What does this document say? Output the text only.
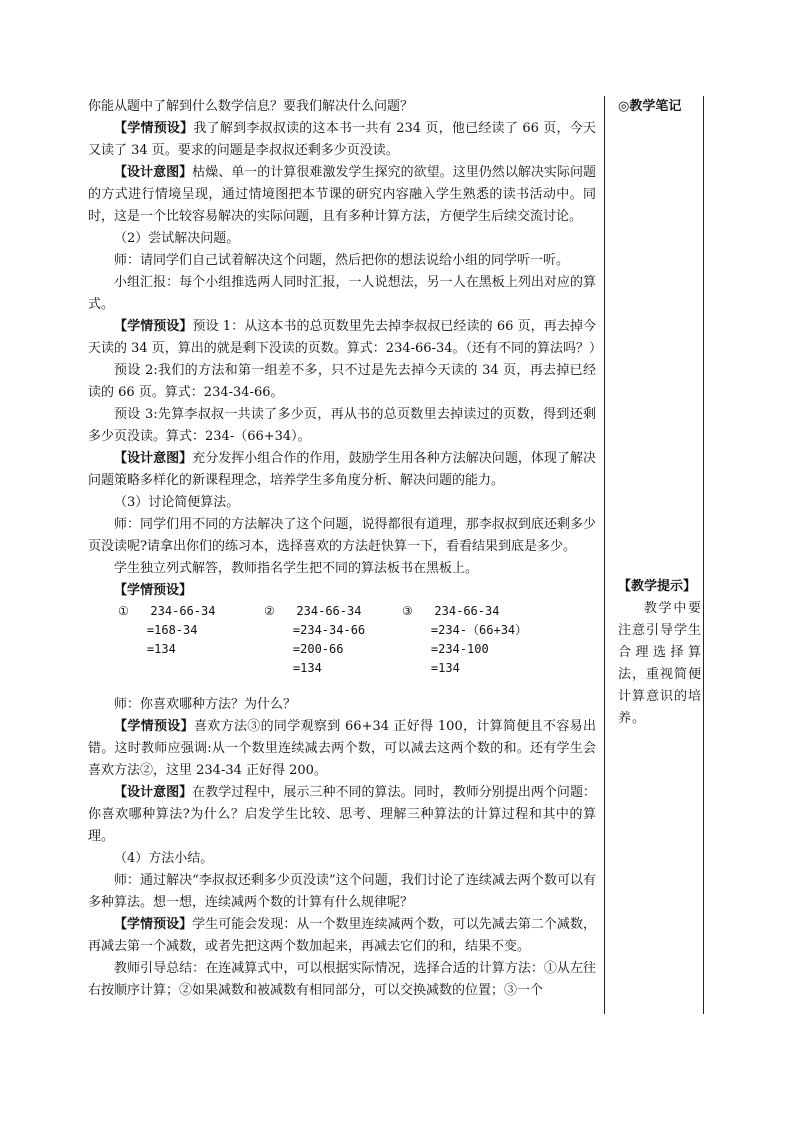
◎教学笔记
【教学提示】
教学中要注意引导学生合理选择算法，重视简便计算意识的培养。

你能从题中了解到什么数学信息？要我们解决什么问题？

【学情预设】我了解到李叔叔读的这本书一共有 234 页，他已经读了 66 页，今天又读了 34 页。要求的问题是李叔叔还剩多少页没读。

【设计意图】枯燥、单一的计算很难激发学生探究的欲望。这里仍然以解决实际问题的方式进行情境呈现，通过情境图把本节课的研究内容融入学生熟悉的读书活动中。同时，这是一个比较容易解决的实际问题，且有多种计算方法，方便学生后续交流讨论。

（2）尝试解决问题。

师：请同学们自己试着解决这个问题，然后把你的想法说给小组的同学听一听。

小组汇报：每个小组推选两人同时汇报，一人说想法，另一人在黑板上列出对应的算式。

【学情预设】预设 1：从这本书的总页数里先去掉李叔叔已经读的 66 页，再去掉今天读的 34 页，算出的就是剩下没读的页数。算式：234-66-34。（还有不同的算法吗？）

预设 2:我们的方法和第一组差不多，只不过是先去掉今天读的 34 页，再去掉已经读的 66 页。算式：234-34-66。

预设 3:先算李叔叔一共读了多少页，再从书的总页数里去掉读过的页数，得到还剩多少页没读。算式：234-（66+34）。

【设计意图】充分发挥小组合作的作用，鼓励学生用各种方法解决问题，体现了解决问题策略多样化的新课程理念，培养学生多角度分析、解决问题的能力。

（3）讨论简便算法。

师：同学们用不同的方法解决了这个问题，说得都很有道理，那李叔叔到底还剩多少页没读呢?请拿出你们的练习本，选择喜欢的方法赶快算一下，看看结果到底是多少。

学生独立列式解答，教师指名学生把不同的算法板书在黑板上。

【学情预设】

①   234-66-34
=168-34
=134
②   234-66-34
=234-34-66
=200-66
=134
③   234-66-34
=234-（66+34）
=234-100
=134

师：你喜欢哪种方法？为什么？

【学情预设】喜欢方法③的同学观察到 66+34 正好得 100，计算简便且不容易出错。这时教师应强调:从一个数里连续减去两个数，可以减去这两个数的和。还有学生会喜欢方法②，这里 234-34 正好得 200。

【设计意图】在教学过程中，展示三种不同的算法。同时，教师分别提出两个问题：你喜欢哪种算法?为什么？启发学生比较、思考、理解三种算法的计算过程和其中的算理。

（4）方法小结。

师：通过解决“李叔叔还剩多少页没读”这个问题，我们讨论了连续减去两个数可以有多种算法。想一想，连续减两个数的计算有什么规律呢？

【学情预设】学生可能会发现：从一个数里连续减两个数，可以先减去第二个减数，再减去第一个减数，或者先把这两个数加起来，再减去它们的和，结果不变。

教师引导总结：在连减算式中，可以根据实际情况，选择合适的计算方法：①从左往右按顺序计算；②如果减数和被减数有相同部分，可以交换减数的位置；③一个
